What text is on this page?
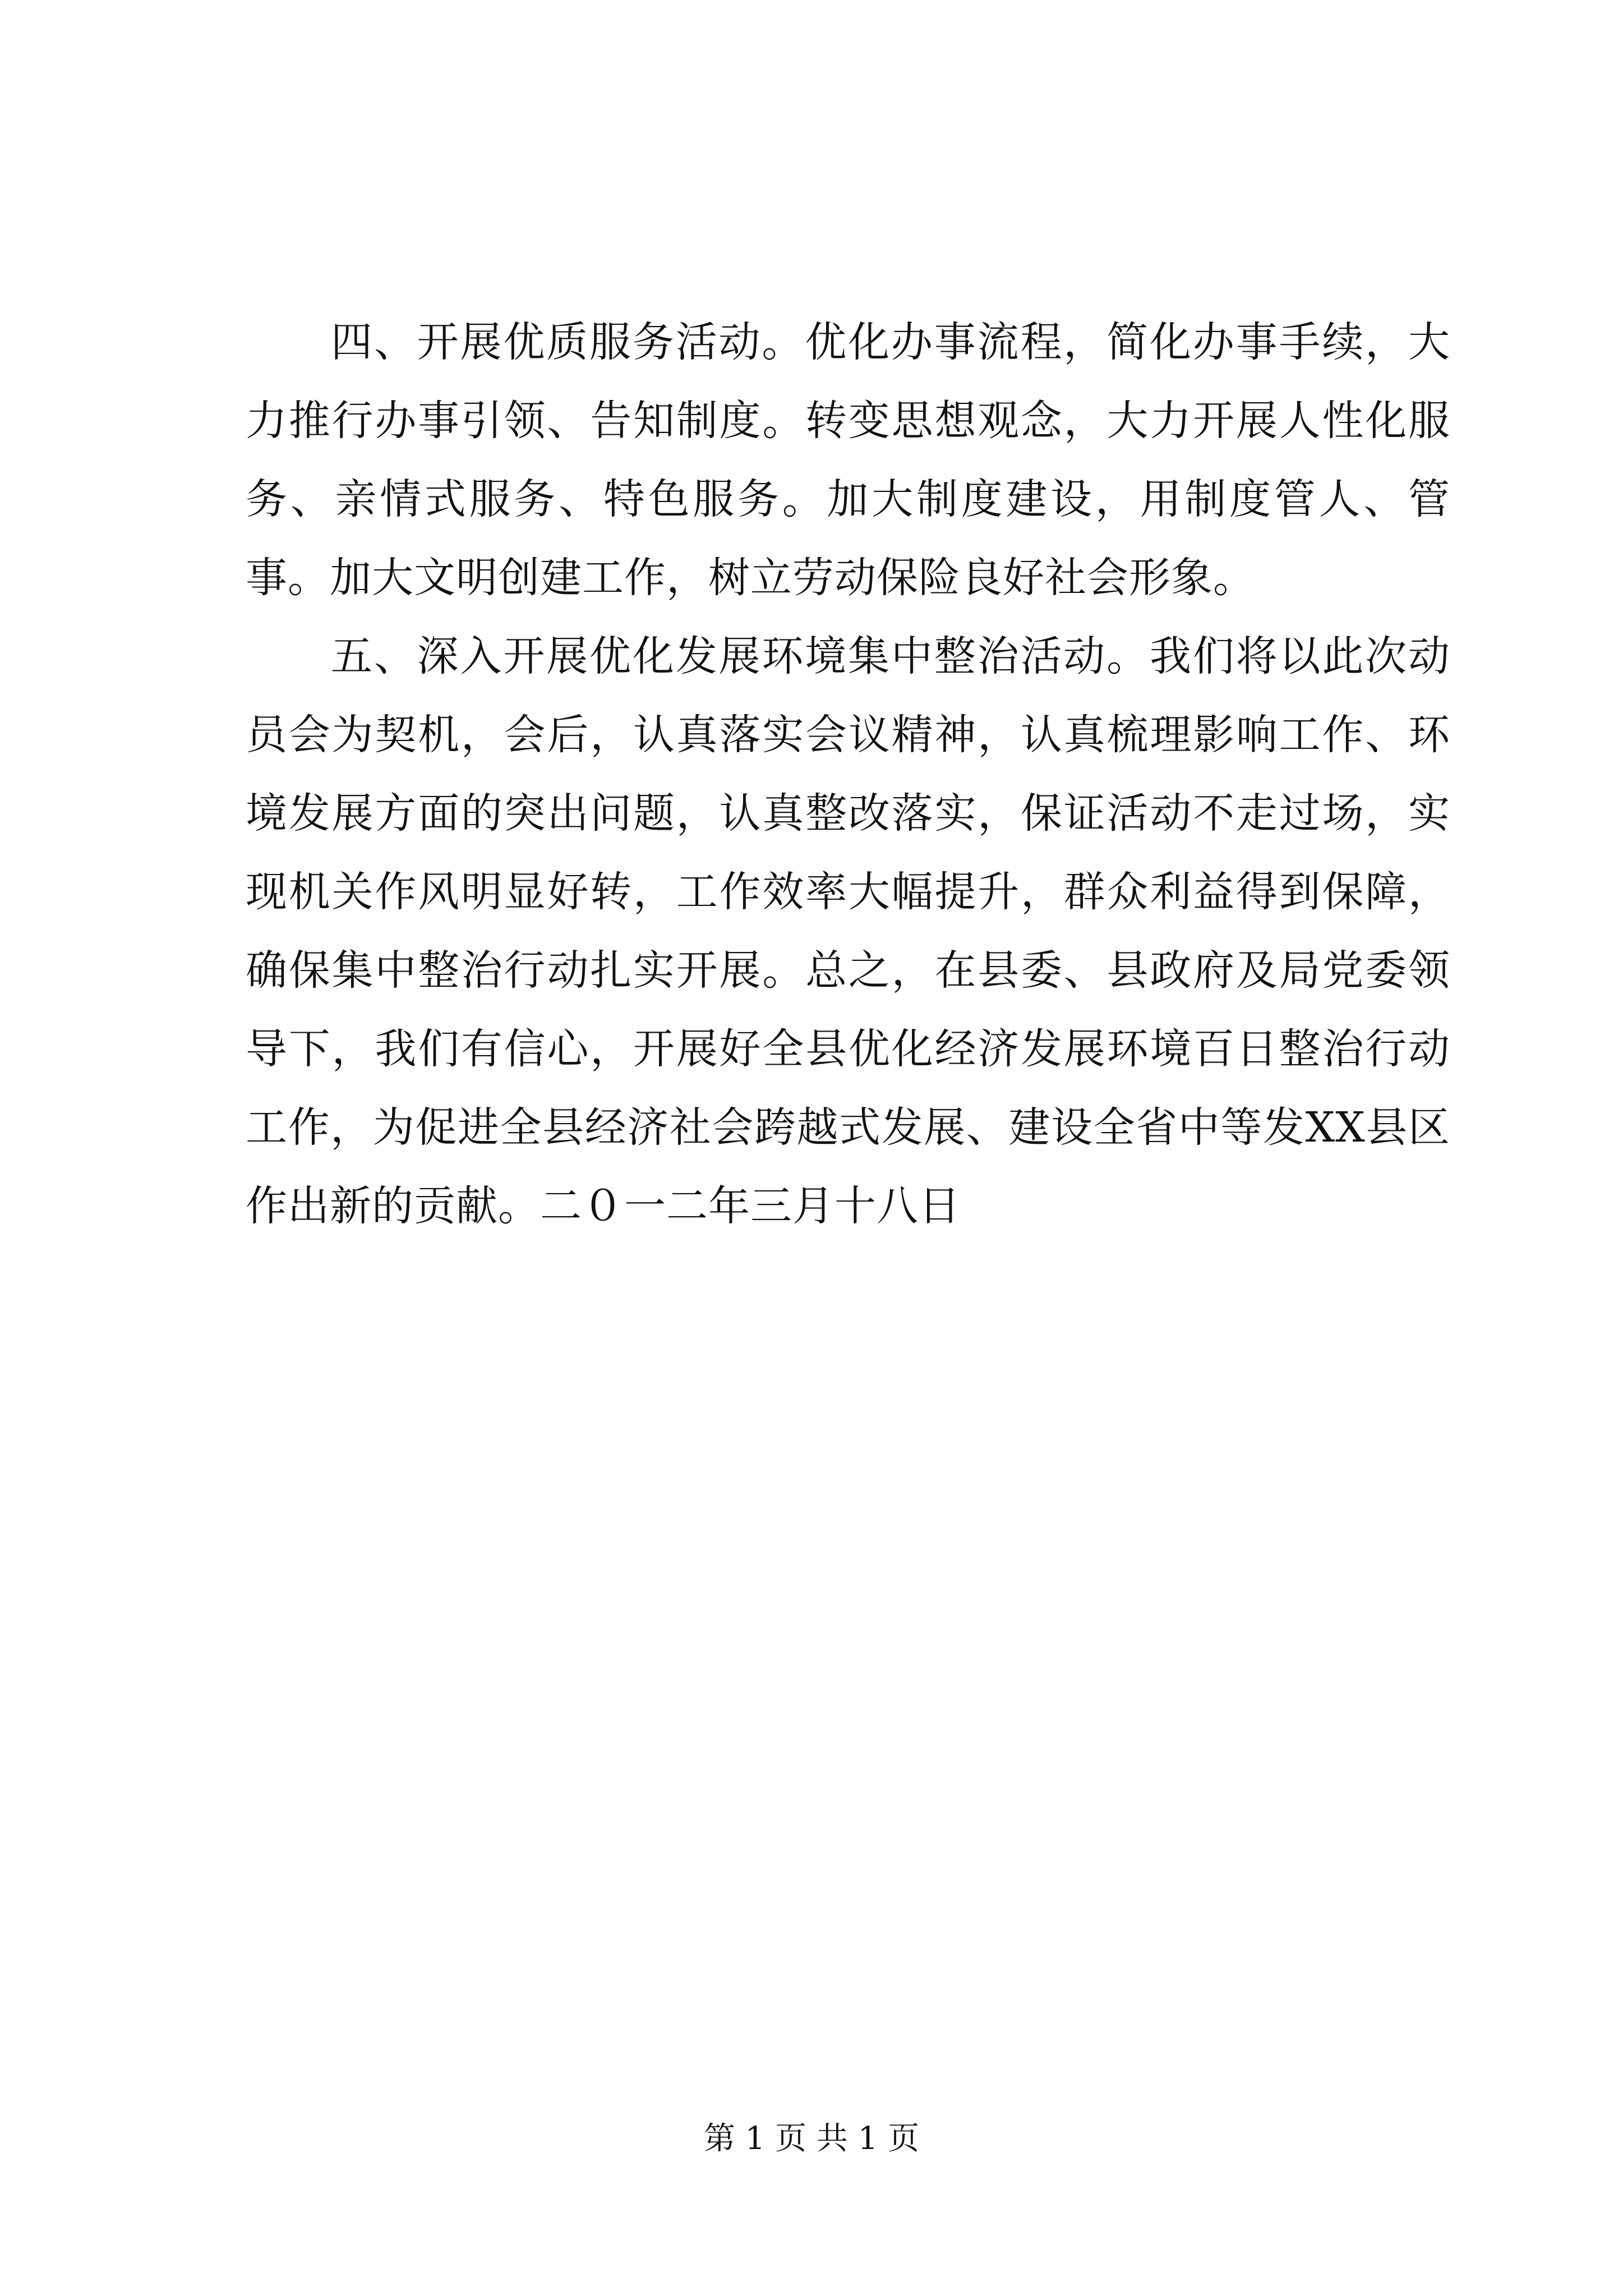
四、开展优质服务活动。优化办事流程，简化办事手续，大力推行办事引领、告知制度。转变思想观念，大力开展人性化服务、亲情式服务、特色服务。加大制度建设，用制度管人、管事。加大文明创建工作，树立劳动保险良好社会形象。

五、深入开展优化发展环境集中整治活动。我们将以此次动员会为契机，会后，认真落实会议精神，认真梳理影响工作、环境发展方面的突出问题，认真整改落实，保证活动不走过场，实现机关作风明显好转，工作效率大幅提升，群众利益得到保障，确保集中整治行动扎实开展。总之，在县委、县政府及局党委领导下，我们有信心，开展好全县优化经济发展环境百日整治行动工作，为促进全县经济社会跨越式发展、建设全省中等发XX县区作出新的贡献。二０一二年三月十八日

第 1 页 共 1 页
